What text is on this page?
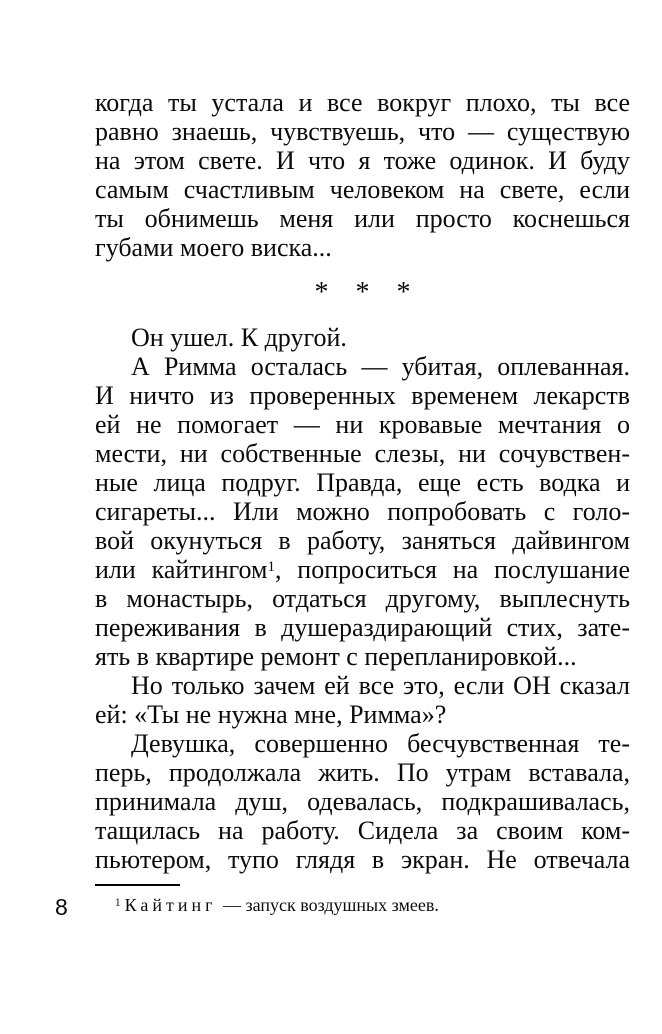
когда ты устала и все вокруг плохо, ты все
равно знаешь, чувствуешь, что — существую
на этом свете. И что я тоже одинок. И буду
самым счастливым человеком на свете, если
ты обнимешь меня или просто коснешься
губами моего виска...
* * *
Он ушел. К другой.
А Римма осталась — убитая, оплеванная.
И ничто из проверенных временем лекарств
ей не помогает — ни кровавые мечтания о
мести, ни собственные слезы, ни сочувствен-
ные лица подруг. Правда, еще есть водка и
сигареты... Или можно попробовать с голо-
вой окунуться в работу, заняться дайвингом
или кайтингом$^1$, попроситься на послушание
в монастырь, отдаться другому, выплеснуть
переживания в душераздирающий стих, зате-
ять в квартире ремонт с перепланировкой...
Но только зачем ей все это, если ОН сказал
ей: «Ты не нужна мне, Римма»?
Девушка, совершенно бесчувственная те-
перь, продолжала жить. По утрам вставала,
принимала душ, одевалась, подкрашивалась,
тащилась на работу. Сидела за своим ком-
пьютером, тупо глядя в экран. Не отвечала
$^1$ Кайтинг — запуск воздушных змеев.
8
